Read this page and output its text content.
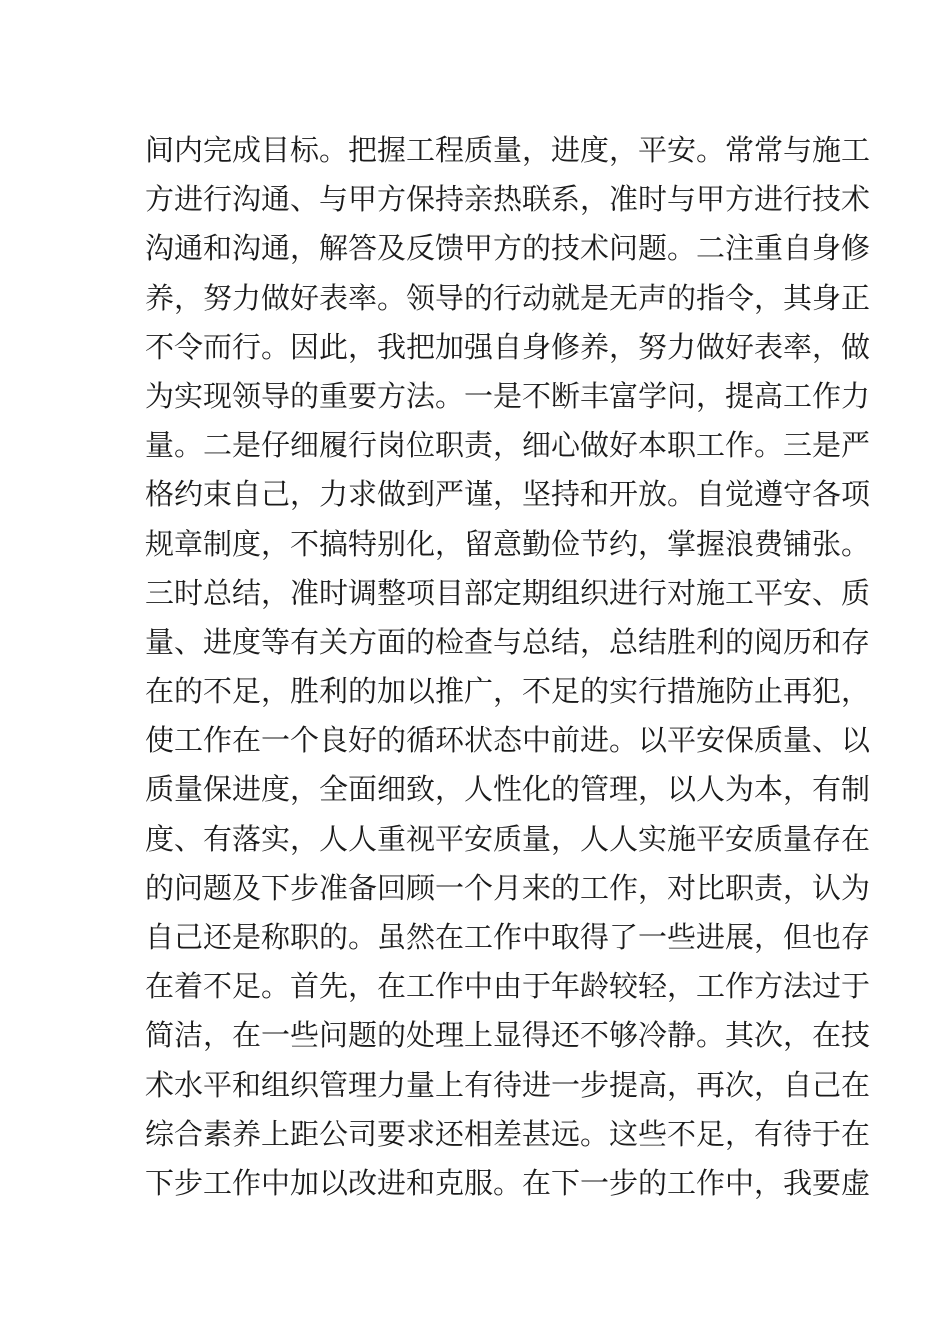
间内完成目标。把握工程质量，进度，平安。常常与施工
方进行沟通、与甲方保持亲热联系，准时与甲方进行技术
沟通和沟通，解答及反馈甲方的技术问题。二注重自身修
养，努力做好表率。领导的行动就是无声的指令，其身正
不令而行。因此，我把加强自身修养，努力做好表率，做
为实现领导的重要方法。一是不断丰富学问，提高工作力
量。二是仔细履行岗位职责，细心做好本职工作。三是严
格约束自己，力求做到严谨，坚持和开放。自觉遵守各项
规章制度，不搞特别化，留意勤俭节约，掌握浪费铺张。
三时总结，准时调整项目部定期组织进行对施工平安、质
量、进度等有关方面的检查与总结，总结胜利的阅历和存
在的不足，胜利的加以推广，不足的实行措施防止再犯，
使工作在一个良好的循环状态中前进。以平安保质量、以
质量保进度，全面细致，人性化的管理，以人为本，有制
度、有落实，人人重视平安质量，人人实施平安质量存在
的问题及下步准备回顾一个月来的工作，对比职责，认为
自己还是称职的。虽然在工作中取得了一些进展，但也存
在着不足。首先，在工作中由于年龄较轻，工作方法过于
简洁，在一些问题的处理上显得还不够冷静。其次，在技
术水平和组织管理力量上有待进一步提高，再次，自己在
综合素养上距公司要求还相差甚远。这些不足，有待于在
下步工作中加以改进和克服。在下一步的工作中，我要虚
